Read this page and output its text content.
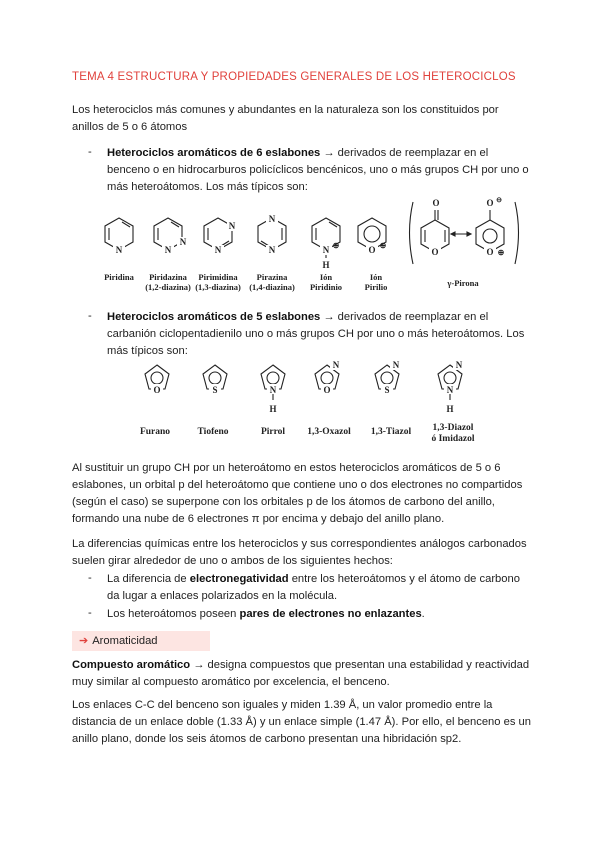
TEMA 4 ESTRUCTURA Y PROPIEDADES GENERALES DE LOS HETEROCICLOS
Los heterociclos más comunes y abundantes en la naturaleza son los constituidos por
anillos de 5 o 6 átomos
- Heterociclos aromáticos de 6 eslabones → derivados de reemplazar en el
benceno o en hidrocarburos policíclicos bencénicos, uno o más grupos CH por uno o
más heteroátomos. Los más típicos son:
N	N
N
N
N
N
N	N ⊕
H
O ⊕
O
O
O ⊖
O ⊕
Piridina Piridazina
(1,2-diazina)
Pirimidina
(1,3-diazina)
Pirazina
(1,4-diazina)
Ión
Piridinio
Ión
Pirilio	γ-Pirona
- Heterociclos aromáticos de 5 eslabones → derivados de reemplazar en el
carbanión ciclopentadienilo uno o más grupos CH por uno o más heteroátomos. Los
más típicos son:
O	S	N
H
O
N
S
N
N
N
H
Furano	Tiofeno	Pirrol 1,3-Oxazol 1,3-Tiazol 1,3-Diazol
ó Imidazol
Al sustituir un grupo CH por un heteroátomo en estos heterociclos aromáticos de 5 o 6
eslabones, un orbital p del heteroátomo que contiene uno o dos electrones no compartidos
(según el caso) se superpone con los orbitales p de los átomos de carbono del anillo,
formando una nube de 6 electrones π por encima y debajo del anillo plano.
La diferencias químicas entre los heterociclos y sus correspondientes análogos carbonados
suelen girar alrededor de uno o ambos de los siguientes hechos:
- La diferencia de electronegatividad entre los heteroátomos y el átomo de carbono
da lugar a enlaces polarizados en la molécula.
- Los heteroátomos poseen pares de electrones no enlazantes.
➔ Aromaticidad
Compuesto aromático → designa compuestos que presentan una estabilidad y reactividad
muy similar al compuesto aromático por excelencia, el benceno.
Los enlaces C-C del benceno son iguales y miden 1.39 Å, un valor promedio entre la
distancia de un enlace doble (1.33 Å) y un enlace simple (1.47 Å). Por ello, el benceno es un
anillo plano, donde los seis átomos de carbono presentan una hibridación sp2.
